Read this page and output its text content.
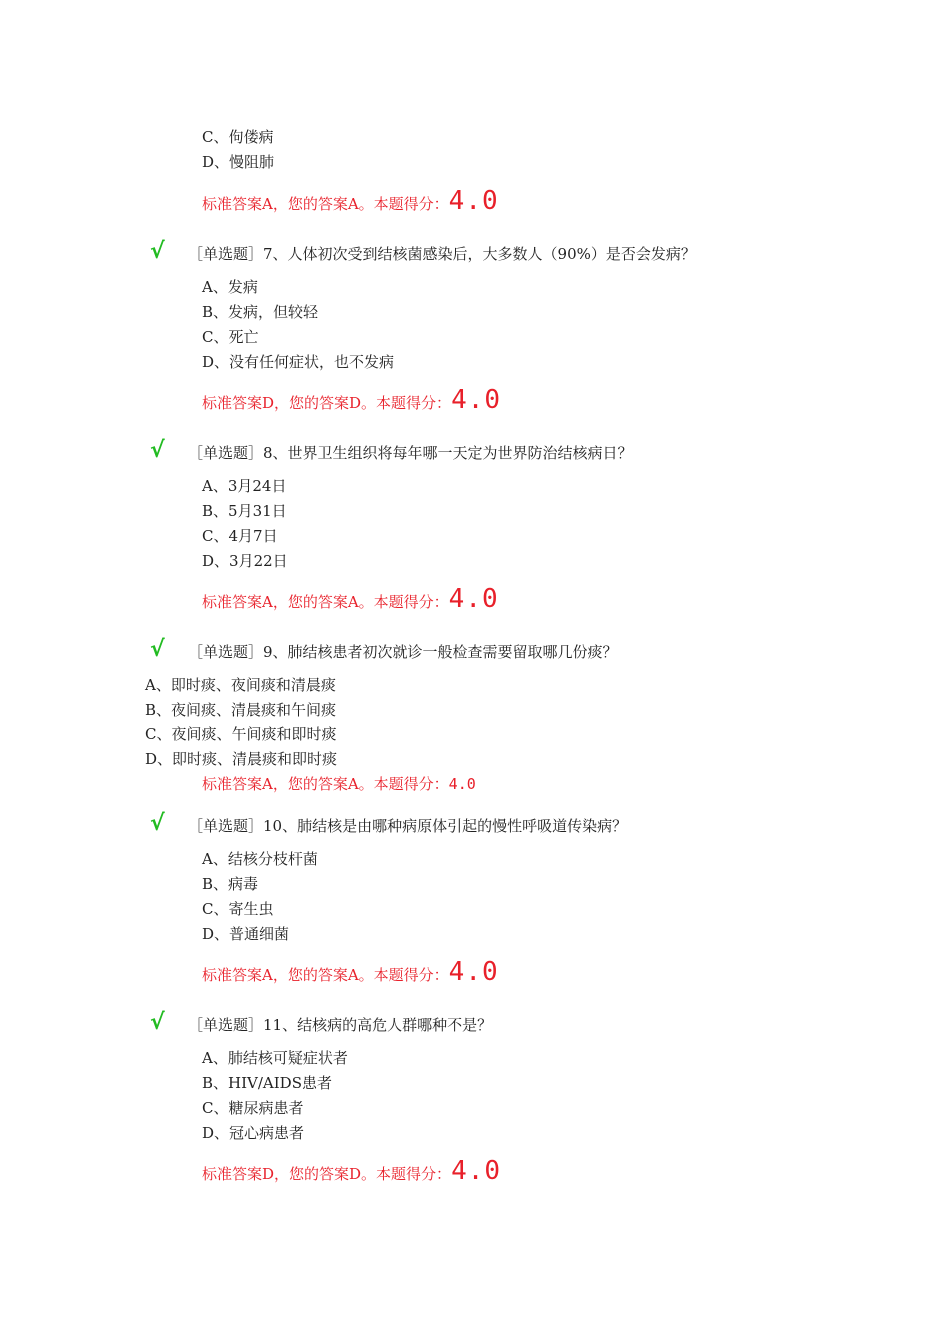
C、佝偻病
D、慢阻肺
标准答案A，您的答案A。本题得分：4.0
√ ［单选题］7、人体初次受到结核菌感染后，大多数人（90%）是否会发病？
A、发病
B、发病，但较轻
C、死亡
D、没有任何症状，也不发病
标准答案D，您的答案D。本题得分：4.0
√ ［单选题］8、世界卫生组织将每年哪一天定为世界防治结核病日？
A、3月24日
B、5月31日
C、4月7日
D、3月22日
标准答案A，您的答案A。本题得分：4.0
√ ［单选题］9、肺结核患者初次就诊一般检查需要留取哪几份痰？
A、即时痰、夜间痰和清晨痰
B、夜间痰、清晨痰和午间痰
C、夜间痰、午间痰和即时痰
D、即时痰、清晨痰和即时痰
标准答案A，您的答案A。本题得分：4.0
√ ［单选题］10、肺结核是由哪种病原体引起的慢性呼吸道传染病？
A、结核分枝杆菌
B、病毒
C、寄生虫
D、普通细菌
标准答案A，您的答案A。本题得分：4.0
√ ［单选题］11、结核病的高危人群哪种不是？
A、肺结核可疑症状者
B、HIV/AIDS患者
C、糖尿病患者
D、冠心病患者
标准答案D，您的答案D。本题得分：4.0
